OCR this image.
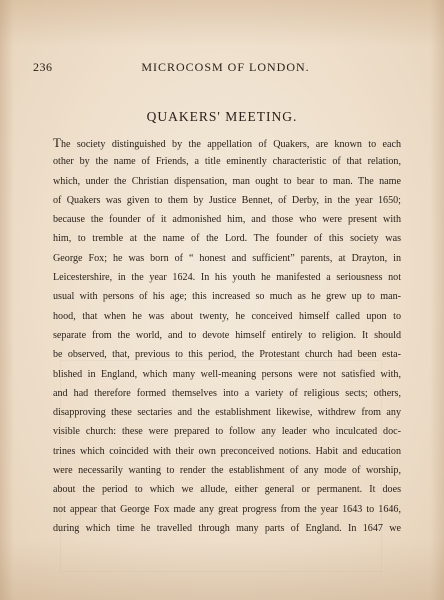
236	MICROCOSM OF LONDON.
QUAKERS' MEETING.
The society distinguished by the appellation of Quakers, are known to each
other by the name of Friends, a title eminently characteristic of that relation,
which, under the Christian dispensation, man ought to bear to man. The name
of Quakers was given to them by Justice Bennet, of Derby, in the year 1650;
because the founder of it admonished him, and those who were present with
him, to tremble at the name of the Lord. The founder of this society was
George Fox; he was born of “ honest and sufficient” parents, at Drayton, in
Leicestershire, in the year 1624. In his youth he manifested a seriousness not
usual with persons of his age; this increased so much as he grew up to man-
hood, that when he was about twenty, he conceived himself called upon to
separate from the world, and to devote himself entirely to religion. It should
be observed, that, previous to this period, the Protestant church had been esta-
blished in England, which many well-meaning persons were not satisfied with,
and had therefore formed themselves into a variety of religious sects; others,
disapproving these sectaries and the establishment likewise, withdrew from any
visible church: these were prepared to follow any leader who inculcated doc-
trines which coincided with their own preconceived notions. Habit and education
were necessarily wanting to render the establishment of any mode of worship,
about the period to which we allude, either general or permanent. It does
not appear that George Fox made any great progress from the year 1643 to 1646,
during which time he travelled through many parts of England. In 1647 we
